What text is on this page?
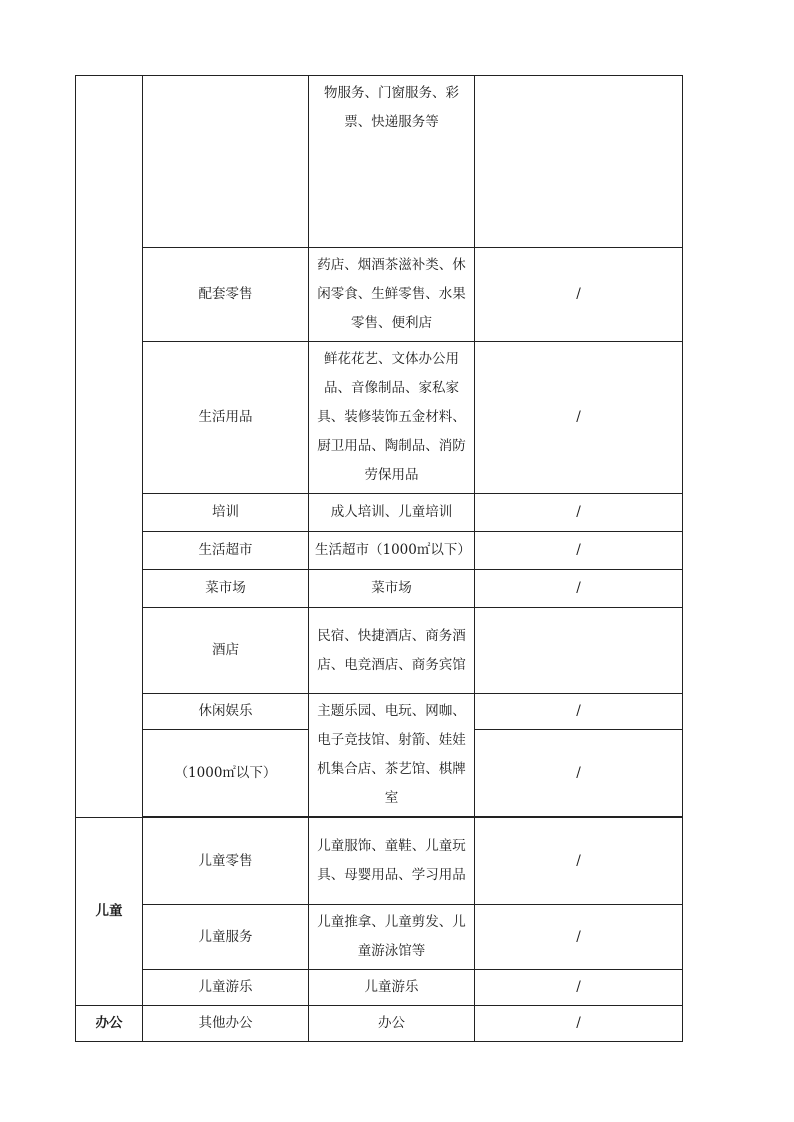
		物服务、门窗服务、彩票、快递服务等	

	配套零售	药店、烟酒茶滋补类、休闲零食、生鲜零售、水果零售、便利店	/
	生活用品	鲜花花艺、文体办公用品、音像制品、家私家具、装修装饰五金材料、厨卫用品、陶制品、消防劳保用品	/
	培训	成人培训、儿童培训	/
	生活超市	生活超市（1000㎡以下）	/
	菜市场	菜市场	/
	酒店	民宿、快捷酒店、商务酒店、电竞酒店、商务宾馆	

	休闲娱乐	主题乐园、电玩、网咖、电子竞技馆、射箭、娃娃机集合店、茶艺馆、棋牌室	/
	（1000㎡以下）		/

儿童	儿童零售	儿童服饰、童鞋、儿童玩具、母婴用品、学习用品	/
	儿童服务	儿童推拿、儿童剪发、儿童游泳馆等	/
	儿童游乐	儿童游乐	/
办公	其他办公	办公	/
